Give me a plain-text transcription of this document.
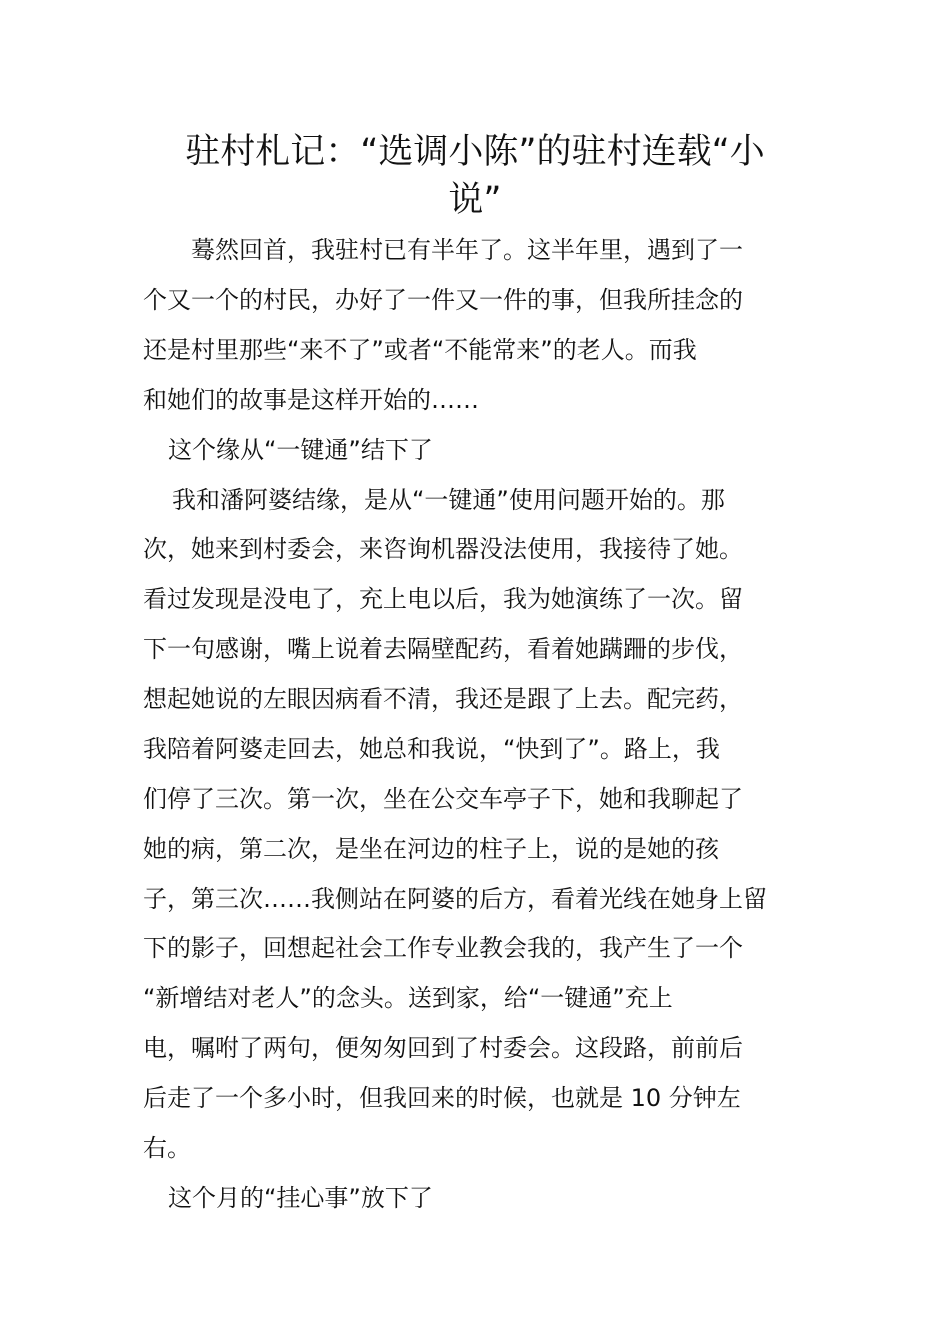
驻村札记：“选调小陈”的驻村连载“小
说”

　　蓦然回首，我驻村已有半年了。这半年里，遇到了一

个又一个的村民，办好了一件又一件的事，但我所挂念的

还是村里那些“来不了”或者“不能常来”的老人。而我

和她们的故事是这样开始的……

这个缘从“一键通”结下了

我和潘阿婆结缘，是从“一键通”使用问题开始的。那

次，她来到村委会，来咨询机器没法使用，我接待了她。

看过发现是没电了，充上电以后，我为她演练了一次。留

下一句感谢，嘴上说着去隔壁配药，看着她蹒跚的步伐，

想起她说的左眼因病看不清，我还是跟了上去。配完药，

我陪着阿婆走回去，她总和我说，“快到了”。路上，我

们停了三次。第一次，坐在公交车亭子下，她和我聊起了

她的病，第二次，是坐在河边的柱子上，说的是她的孩

子，第三次……我侧站在阿婆的后方，看着光线在她身上留

下的影子，回想起社会工作专业教会我的，我产生了一个

“新增结对老人”的念头。送到家，给“一键通”充上

电，嘱咐了两句，便匆匆回到了村委会。这段路，前前后

后走了一个多小时，但我回来的时候，也就是 10 分钟左

右。

这个月的“挂心事”放下了
